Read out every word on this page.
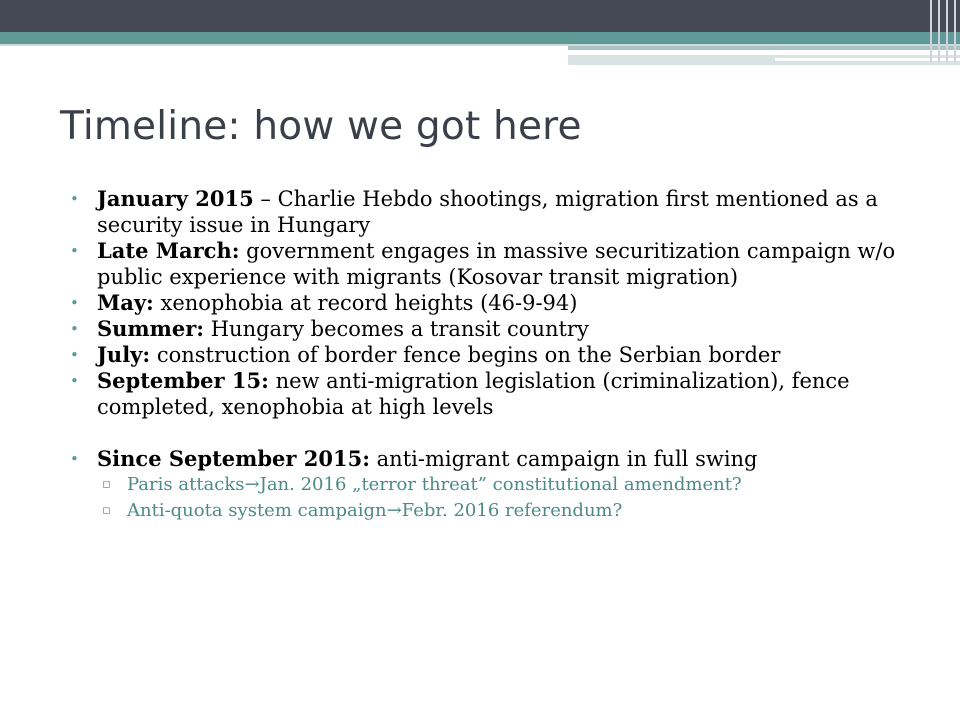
Timeline: how we got here
• January 2015 – Charlie Hebdo shootings, migration first mentioned as a security issue in Hungary
• Late March: government engages in massive securitization campaign w/o public experience with migrants (Kosovar transit migration)
• May: xenophobia at record heights (46-9-94)
• Summer: Hungary becomes a transit country
• July: construction of border fence begins on the Serbian border
• September 15: new anti-migration legislation (criminalization), fence completed, xenophobia at high levels
• Since September 2015: anti-migrant campaign in full swing
▫ Paris attacks→Jan. 2016 „terror threat” constitutional amendment?
▫ Anti-quota system campaign→Febr. 2016 referendum?
